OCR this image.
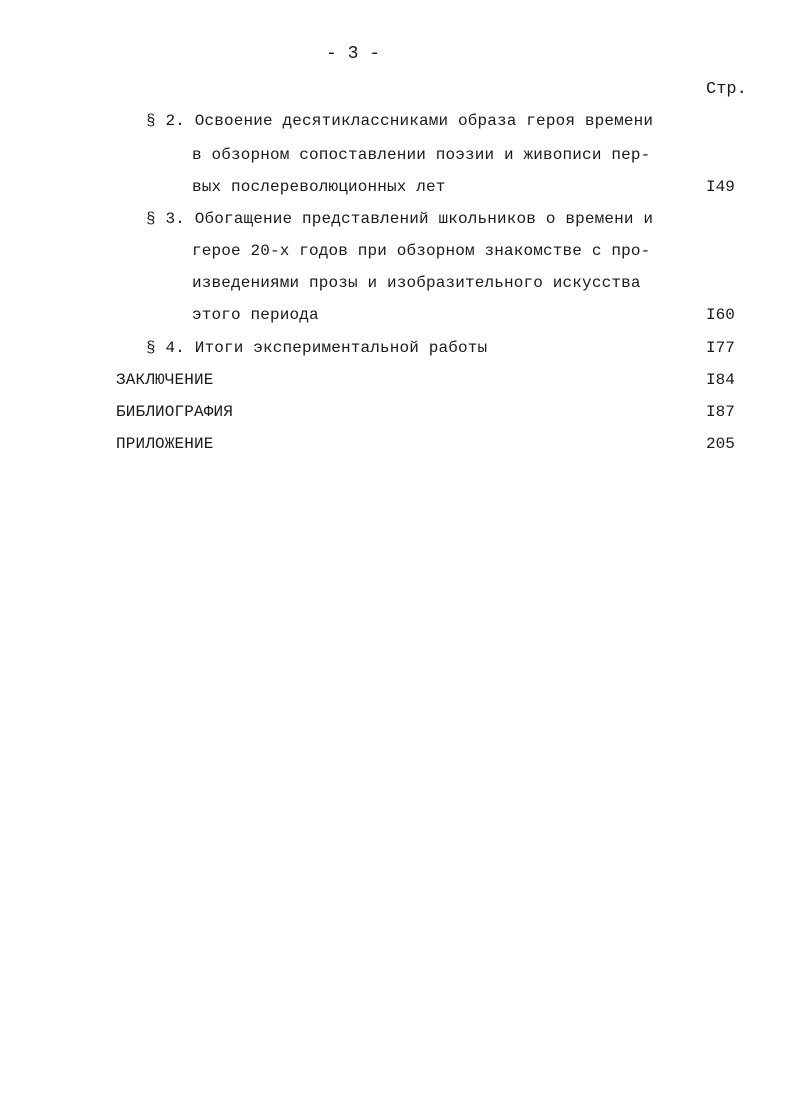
- 3 -
Стр.
§ 2. Освоение десятиклассниками образа героя времени
в обзорном сопоставлении поэзии и живописи пер-
вых послереволюционных лет	I49
§ 3. Обогащение представлений школьников о времени и
герое 20-х годов при обзорном знакомстве с про-
изведениями прозы и изобразительного искусства
этого периода	I60
§ 4. Итоги экспериментальной работы	I77
ЗАКЛЮЧЕНИЕ	I84
БИБЛИОГРАФИЯ	I87
ПРИЛОЖЕНИЕ	205
